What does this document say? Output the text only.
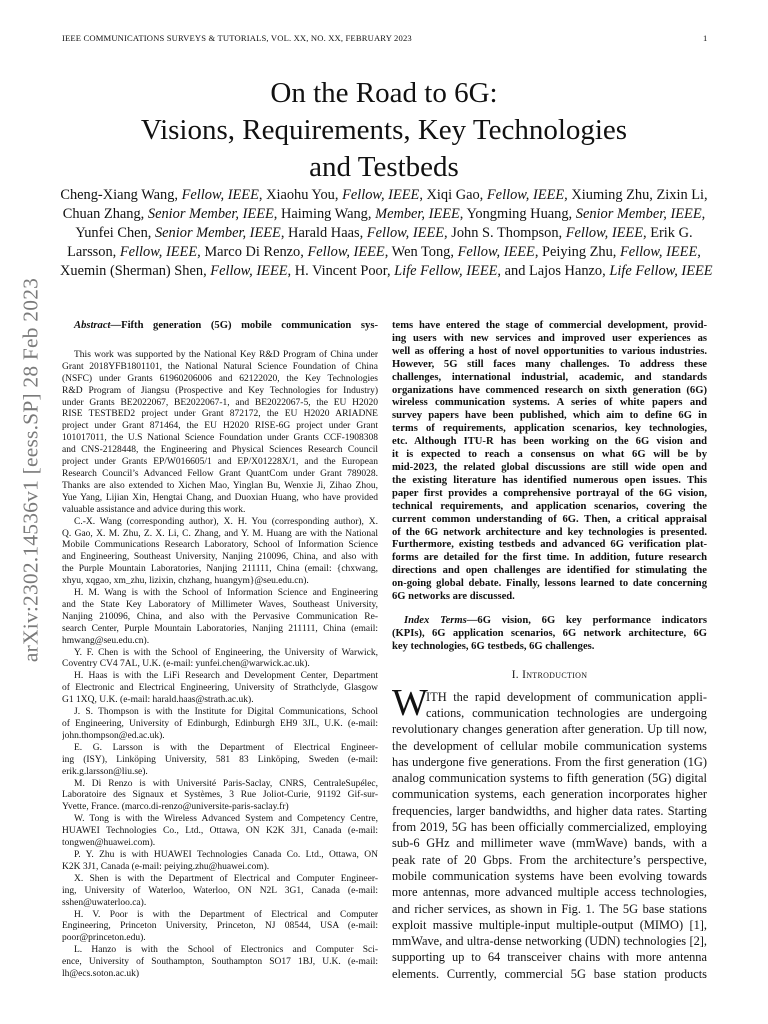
IEEE COMMUNICATIONS SURVEYS & TUTORIALS, VOL. XX, NO. XX, FEBRUARY 2023	1
arXiv:2302.14536v1 [eess.SP] 28 Feb 2023
On the Road to 6G:
Visions, Requirements, Key Technologies
and Testbeds
Cheng-Xiang Wang, Fellow, IEEE, Xiaohu You, Fellow, IEEE, Xiqi Gao, Fellow, IEEE, Xiuming Zhu, Zixin Li,
Chuan Zhang, Senior Member, IEEE, Haiming Wang, Member, IEEE, Yongming Huang, Senior Member, IEEE,
Yunfei Chen, Senior Member, IEEE, Harald Haas, Fellow, IEEE, John S. Thompson, Fellow, IEEE, Erik G.
Larsson, Fellow, IEEE, Marco Di Renzo, Fellow, IEEE, Wen Tong, Fellow, IEEE, Peiying Zhu, Fellow, IEEE,
Xuemin (Sherman) Shen, Fellow, IEEE, H. Vincent Poor, Life Fellow, IEEE, and Lajos Hanzo, Life Fellow, IEEE
Abstract—Fifth generation (5G) mobile communication sys-
This work was supported by the National Key R&D Program of China under
Grant 2018YFB1801101, the National Natural Science Foundation of China
(NSFC) under Grants 61960206006 and 62122020, the Key Technologies
R&D Program of Jiangsu (Prospective and Key Technologies for Industry)
under Grants BE2022067, BE2022067-1, and BE2022067-5, the EU H2020
RISE TESTBED2 project under Grant 872172, the EU H2020 ARIADNE
project under Grant 871464, the EU H2020 RISE-6G project under Grant
101017011, the U.S National Science Foundation under Grants CCF-1908308
and CNS-2128448, the Engineering and Physical Sciences Research Council
project under Grants EP/W016605/1 and EP/X01228X/1, and the European
Research Council’s Advanced Fellow Grant QuantCom under Grant 789028.
Thanks are also extended to Xichen Mao, Yinglan Bu, Wenxie Ji, Zihao Zhou,
Yue Yang, Lijian Xin, Hengtai Chang, and Duoxian Huang, who have provided
valuable assistance and advice during this work.
C.-X. Wang (corresponding author), X. H. You (corresponding author), X.
Q. Gao, X. M. Zhu, Z. X. Li, C. Zhang, and Y. M. Huang are with the National
Mobile Communications Research Laboratory, School of Information Science
and Engineering, Southeast University, Nanjing 210096, China, and also with
the Purple Mountain Laboratories, Nanjing 211111, China (email: {chxwang,
xhyu, xqgao, xm_zhu, lizixin, chzhang, huangym}@seu.edu.cn).
H. M. Wang is with the School of Information Science and Engineering
and the State Key Laboratory of Millimeter Waves, Southeast University,
Nanjing 210096, China, and also with the Pervasive Communication Re-
search Center, Purple Mountain Laboratories, Nanjing 211111, China (email:
hmwang@seu.edu.cn).
Y. F. Chen is with the School of Engineering, the University of Warwick,
Coventry CV4 7AL, U.K. (e-mail: yunfei.chen@warwick.ac.uk).
H. Haas is with the LiFi Research and Development Center, Department
of Electronic and Electrical Engineering, University of Strathclyde, Glasgow
G1 1XQ, U.K. (e-mail: harald.haas@strath.ac.uk).
J. S. Thompson is with the Institute for Digital Communications, School
of Engineering, University of Edinburgh, Edinburgh EH9 3JL, U.K. (e-mail:
john.thompson@ed.ac.uk).
E. G. Larsson is with the Department of Electrical Engineer-
ing (ISY), Linköping University, 581 83 Linköping, Sweden (e-mail:
erik.g.larsson@liu.se).
M. Di Renzo is with Université Paris-Saclay, CNRS, CentraleSupélec,
Laboratoire des Signaux et Systèmes, 3 Rue Joliot-Curie, 91192 Gif-sur-
Yvette, France. (marco.di-renzo@universite-paris-saclay.fr)
W. Tong is with the Wireless Advanced System and Competency Centre,
HUAWEI Technologies Co., Ltd., Ottawa, ON K2K 3J1, Canada (e-mail:
tongwen@huawei.com).
P. Y. Zhu is with HUAWEI Technologies Canada Co. Ltd., Ottawa, ON
K2K 3J1, Canada (e-mail: peiying.zhu@huawei.com).
X. Shen is with the Department of Electrical and Computer Engineer-
ing, University of Waterloo, Waterloo, ON N2L 3G1, Canada (e-mail:
sshen@uwaterloo.ca).
H. V. Poor is with the Department of Electrical and Computer
Engineering, Princeton University, Princeton, NJ 08544, USA (e-mail:
poor@princeton.edu).
L. Hanzo is with the School of Electronics and Computer Sci-
ence, University of Southampton, Southampton SO17 1BJ, U.K. (e-mail:
lh@ecs.soton.ac.uk)
tems have entered the stage of commercial development, provid-
ing users with new services and improved user experiences as
well as offering a host of novel opportunities to various industries.
However, 5G still faces many challenges. To address these
challenges, international industrial, academic, and standards
organizations have commenced research on sixth generation (6G)
wireless communication systems. A series of white papers and
survey papers have been published, which aim to define 6G in
terms of requirements, application scenarios, key technologies,
etc. Although ITU-R has been working on the 6G vision and
it is expected to reach a consensus on what 6G will be by
mid-2023, the related global discussions are still wide open and
the existing literature has identified numerous open issues. This
paper first provides a comprehensive portrayal of the 6G vision,
technical requirements, and application scenarios, covering the
current common understanding of 6G. Then, a critical appraisal
of the 6G network architecture and key technologies is presented.
Furthermore, existing testbeds and advanced 6G verification plat-
forms are detailed for the first time. In addition, future research
directions and open challenges are identified for stimulating the
on-going global debate. Finally, lessons learned to date concerning
6G networks are discussed.
Index Terms—6G vision, 6G key performance indicators
(KPIs), 6G application scenarios, 6G network architecture, 6G
key technologies, 6G testbeds, 6G challenges.
I. Introduction
W
ITH the rapid development of communication appli-
cations, communication technologies are undergoing
revolutionary changes generation after generation. Up till now,
the development of cellular mobile communication systems
has undergone five generations. From the first generation (1G)
analog communication systems to fifth generation (5G) digital
communication systems, each generation incorporates higher
frequencies, larger bandwidths, and higher data rates. Starting
from 2019, 5G has been officially commercialized, employing
sub-6 GHz and millimeter wave (mmWave) bands, with a
peak rate of 20 Gbps. From the architecture’s perspective,
mobile communication systems have been evolving towards
more antennas, more advanced multiple access technologies,
and richer services, as shown in Fig. 1. The 5G base stations
exploit massive multiple-input multiple-output (MIMO) [1],
mmWave, and ultra-dense networking (UDN) technologies [2],
supporting up to 64 transceiver chains with more antenna
elements. Currently, commercial 5G base station products
